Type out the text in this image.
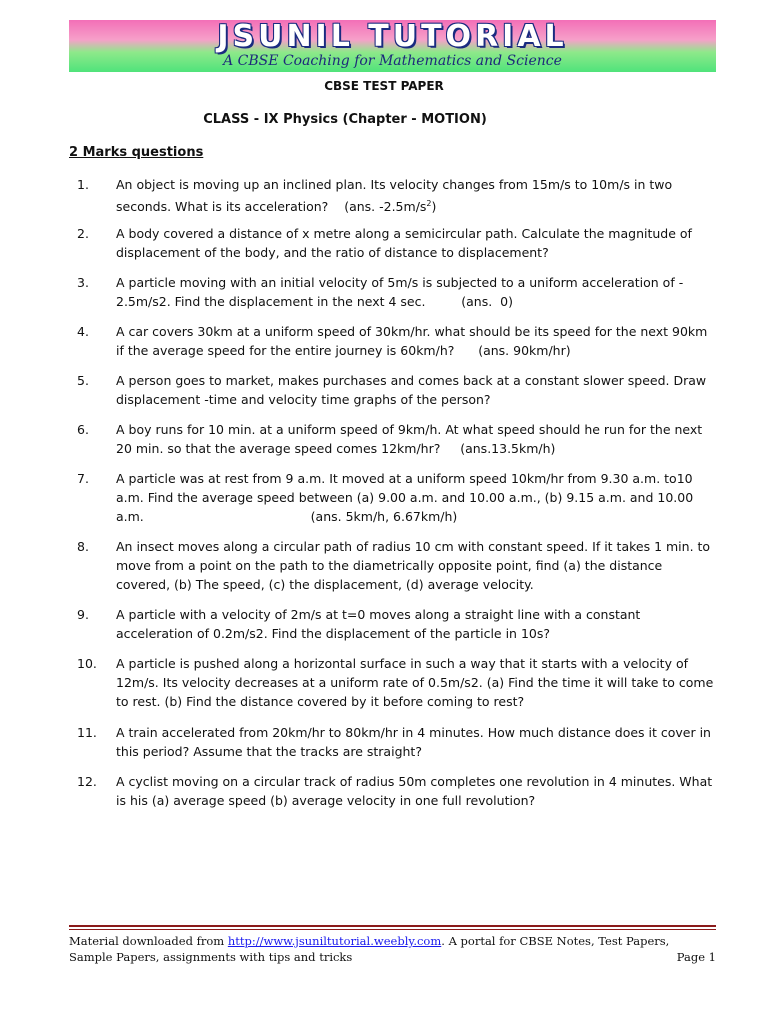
JSUNIL TUTORIAL
A CBSE Coaching for Mathematics and Science
CBSE TEST PAPER
CLASS - IX Physics (Chapter - MOTION)
2 Marks questions
1. An object is moving up an inclined plan. Its velocity changes from 15m/s to 10m/s in two seconds. What is its acceleration?    (ans. $-2.5m/s^2$)
2. A body covered a distance of x metre along a semicircular path. Calculate the magnitude of displacement of the body, and the ratio of distance to displacement?
3. A particle moving with an initial velocity of 5m/s is subjected to a uniform acceleration of - 2.5m/s2. Find the displacement in the next 4 sec.         (ans.  0)
4. A car covers 30km at a uniform speed of 30km/hr. what should be its speed for the next 90km if the average speed for the entire journey is 60km/h?      (ans. 90km/hr)
5. A person goes to market, makes purchases and comes back at a constant slower speed. Draw displacement -time and velocity time graphs of the person?
6. A boy runs for 10 min. at a uniform speed of 9km/h. At what speed should he run for the next 20 min. so that the average speed comes 12km/hr?     (ans.13.5km/h)
7. A particle was at rest from 9 a.m. It moved at a uniform speed 10km/hr from 9.30 a.m. to10 a.m. Find the average speed between (a) 9.00 a.m. and 10.00 a.m., (b) 9.15 a.m. and 10.00 a.m.                                          (ans. 5km/h, 6.67km/h)
8. An insect moves along a circular path of radius 10 cm with constant speed. If it takes 1 min. to move from a point on the path to the diametrically opposite point, find (a) the distance covered, (b) The speed, (c) the displacement, (d) average velocity.
9. A particle with a velocity of 2m/s at t=0 moves along a straight line with a constant acceleration of 0.2m/s2. Find the displacement of the particle in 10s?
10. A particle is pushed along a horizontal surface in such a way that it starts with a velocity of 12m/s. Its velocity decreases at a uniform rate of 0.5m/s2. (a) Find the time it will take to come to rest. (b) Find the distance covered by it before coming to rest?
11. A train accelerated from 20km/hr to 80km/hr in 4 minutes. How much distance does it cover in this period? Assume that the tracks are straight?
12. A cyclist moving on a circular track of radius 50m completes one revolution in 4 minutes. What is his (a) average speed (b) average velocity in one full revolution?
Material downloaded from http://www.jsuniltutorial.weebly.com. A portal for CBSE Notes, Test Papers,
Sample Papers, assignments with tips and tricks	Page 1
